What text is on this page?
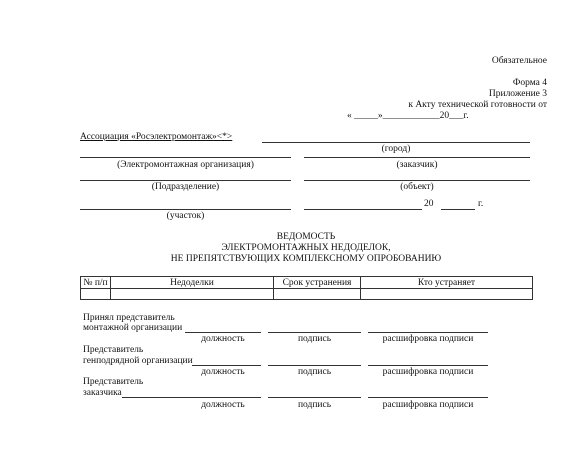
Обязательное
Форма 4
Приложение 3
к Акту технической готовности от
« _____»____________20___г.
Ассоциация «Росэлектромонтаж»<*>
(город)
(Электромонтажная организация)	(заказчик)
(Подразделение)	(объект)
20	г.
(участок)
ВЕДОМОСТЬ
ЭЛЕКТРОМОНТАЖНЫХ НЕДОДЕЛОК,
НЕ ПРЕПЯТСТВУЮЩИХ КОМПЛЕКСНОМУ ОПРОБОВАНИЮ
№ п/п	Недоделки	Срок устранения	Кто устраняет

Принял представитель
монтажной организации
должность	подпись	расшифровка подписи
Представитель
генподрядной организации
должность	подпись	расшифровка подписи
Представитель
заказчика
должность	подпись	расшифровка подписи
